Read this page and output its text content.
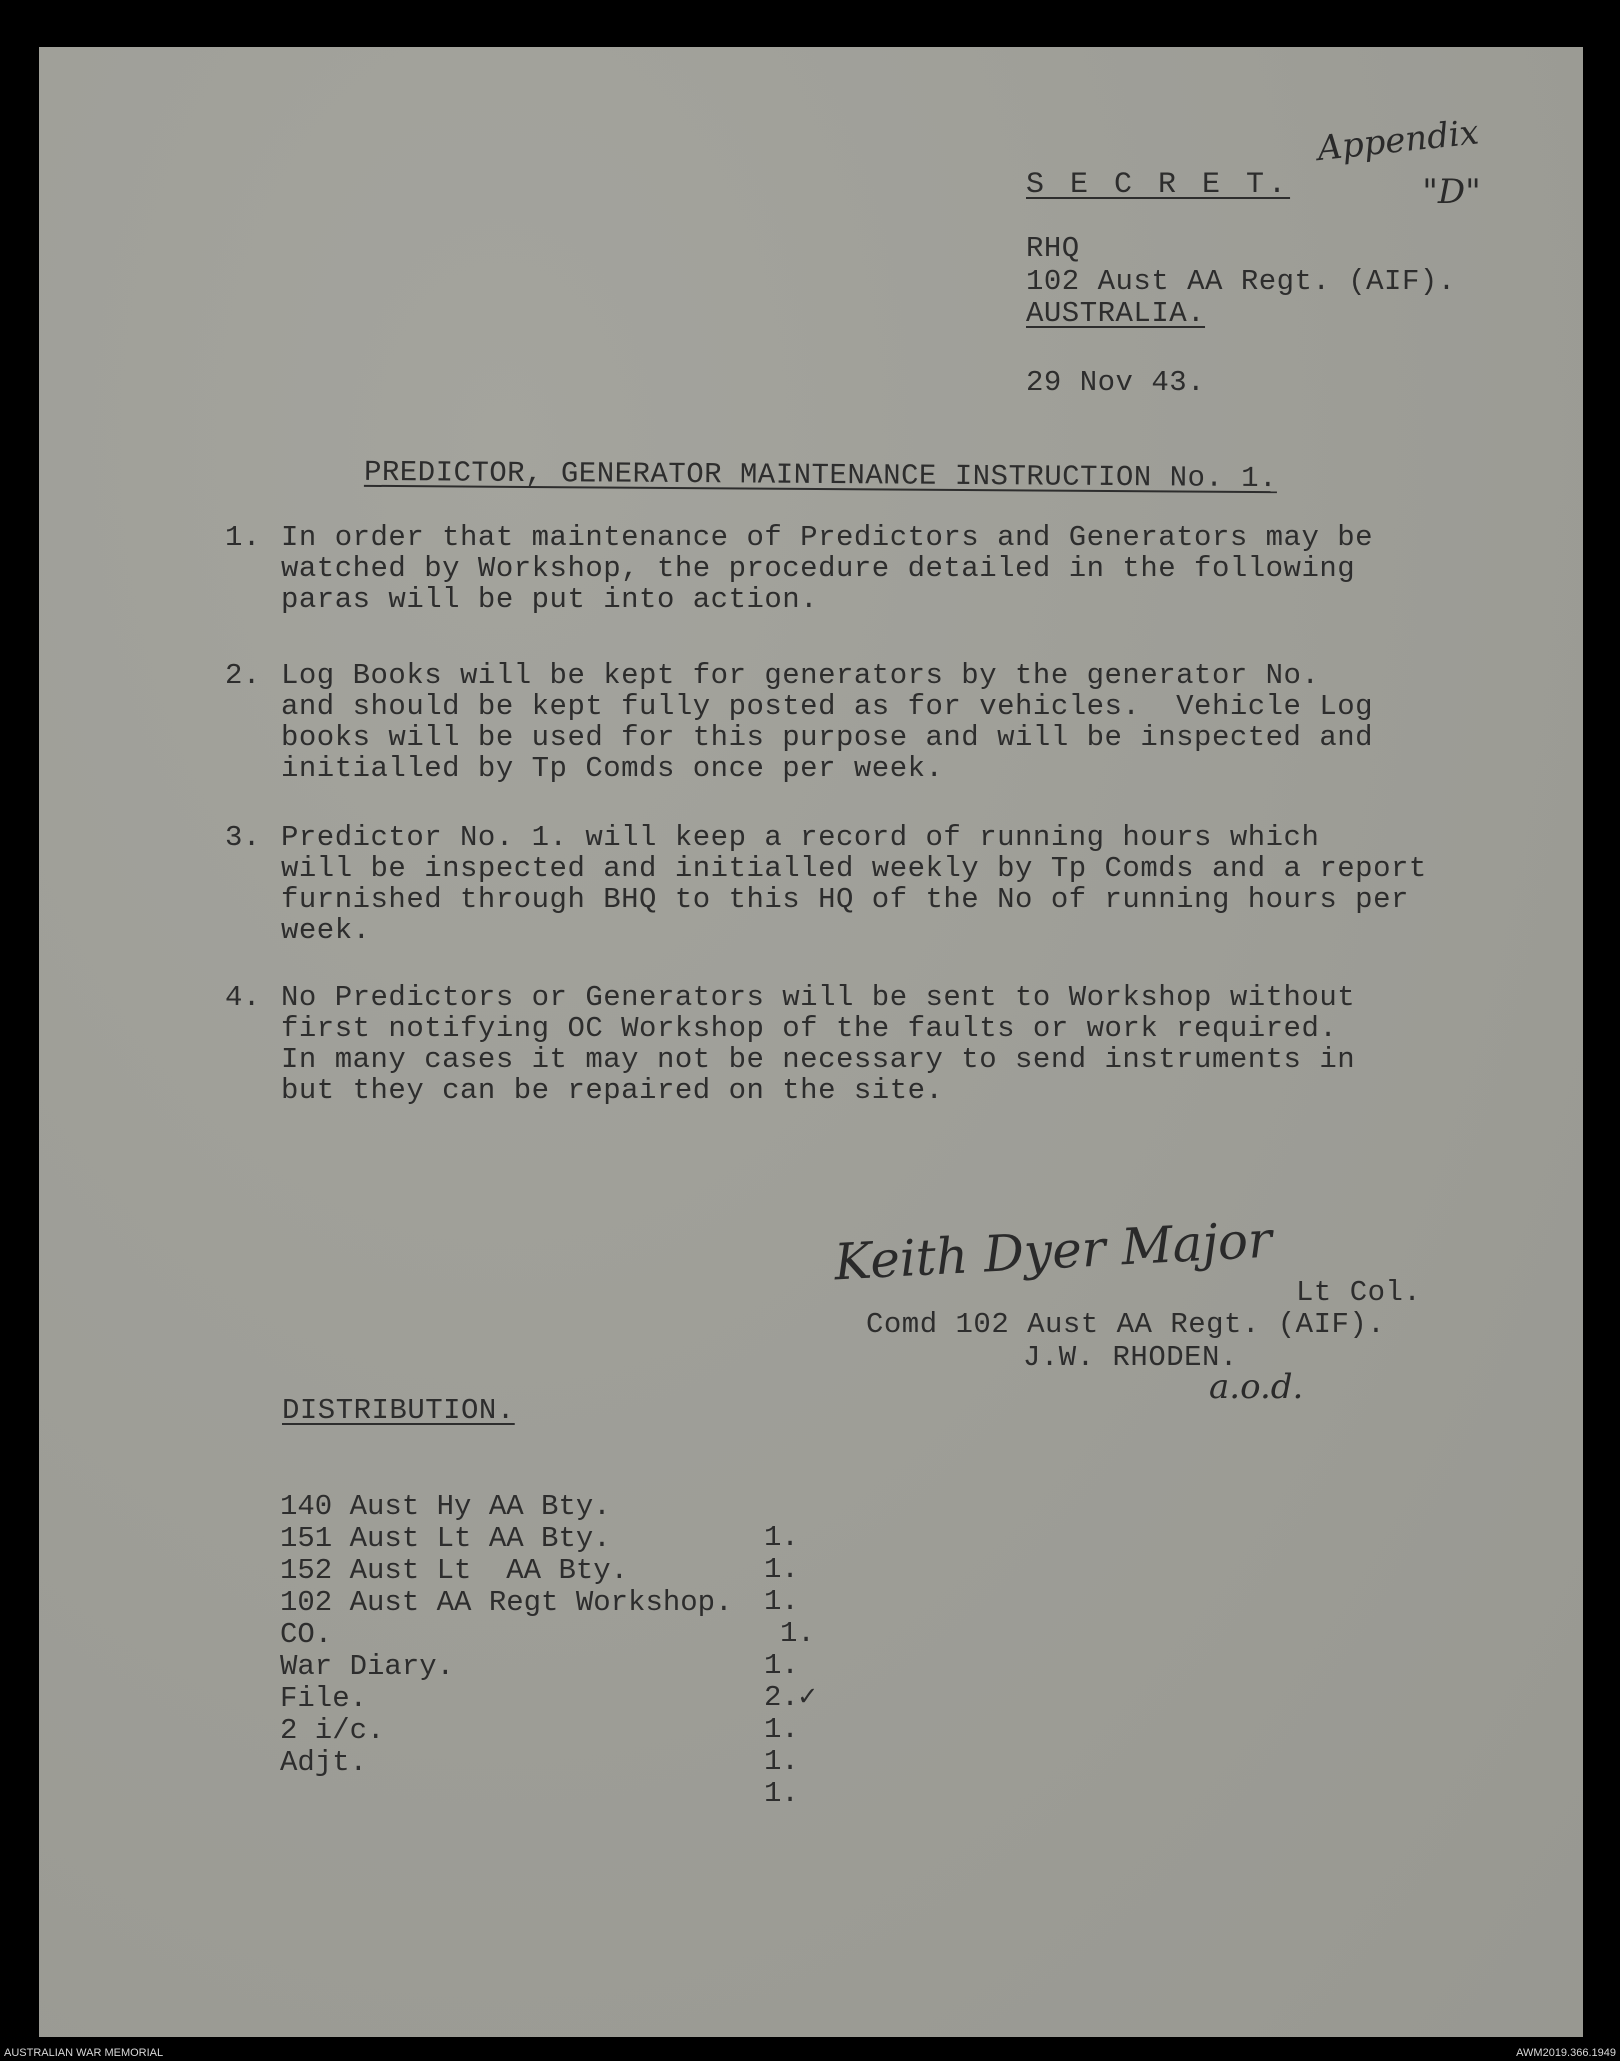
Appendix

"D"

S E C R E T.
RHQ
102 Aust AA Regt. (AIF).
AUSTRALIA.
29 Nov 43.
PREDICTOR, GENERATOR MAINTENANCE INSTRUCTION No. 1.
1. In order that maintenance of Predictors and Generators may be
watched by Workshop, the procedure detailed in the following
paras will be put into action.
2. Log Books will be kept for generators by the generator No.
and should be kept fully posted as for vehicles.  Vehicle Log
books will be used for this purpose and will be inspected and
initialled by Tp Comds once per week.
3. Predictor No. 1. will keep a record of running hours which
will be inspected and initialled weekly by Tp Comds and a report
furnished through BHQ to this HQ of the No of running hours per
week.
4. No Predictors or Generators will be sent to Workshop without
first notifying OC Workshop of the faults or work required.
In many cases it may not be necessary to send instruments in
but they can be repaired on the site.
Keith Dyer Major
Lt Col.
Comd 102 Aust AA Regt. (AIF).
J.W. RHODEN.
a.o.d.
DISTRIBUTION.

140 Aust Hy AA Bty.

1.

151 Aust Lt AA Bty.

1.

152 Aust Lt  AA Bty.

1.

102 Aust AA Regt Workshop.

1.

CO.

1.

War Diary.

2.✓

File.

1.

2 i/c.

1.

Adjt.

1.

AUSTRALIAN WAR MEMORIAL	AWM2019.366.1949
